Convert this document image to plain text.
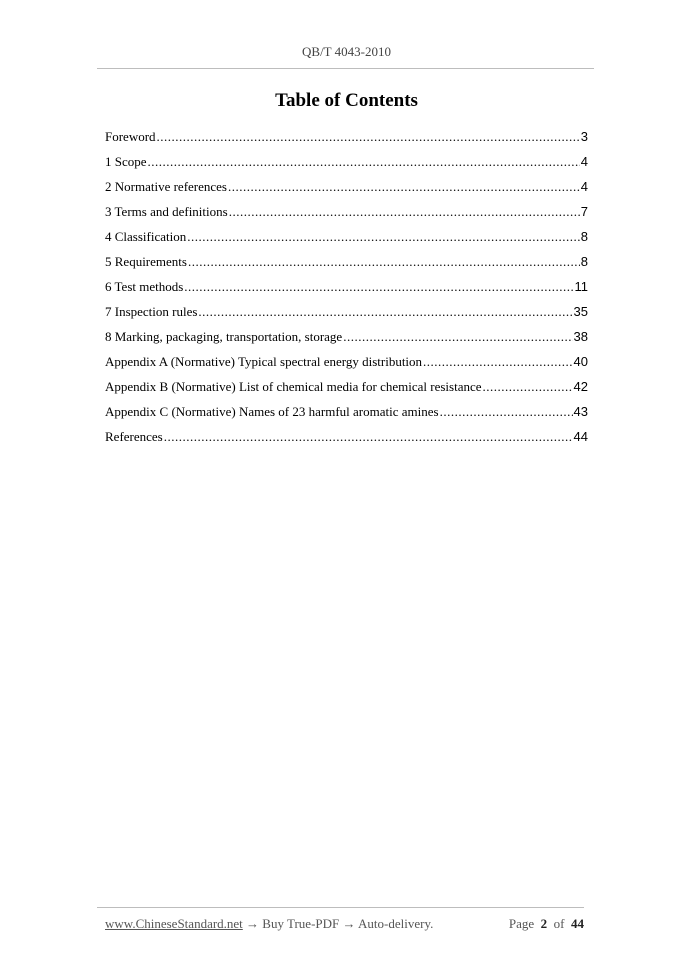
QB/T 4043-2010
Table of Contents
Foreword .....	3
1 Scope .....	4
2 Normative references .....	4
3 Terms and definitions .....	7
4 Classification .....	8
5 Requirements .....	8
6 Test methods .....	11
7 Inspection rules .....	35
8 Marking, packaging, transportation, storage .....	38
Appendix A (Normative) Typical spectral energy distribution .....	40
Appendix B (Normative) List of chemical media for chemical resistance .....	42
Appendix C (Normative) Names of 23 harmful aromatic amines .....	43
References .....	44
www.ChineseStandard.net → Buy True-PDF → Auto-delivery.	Page 2 of 44
